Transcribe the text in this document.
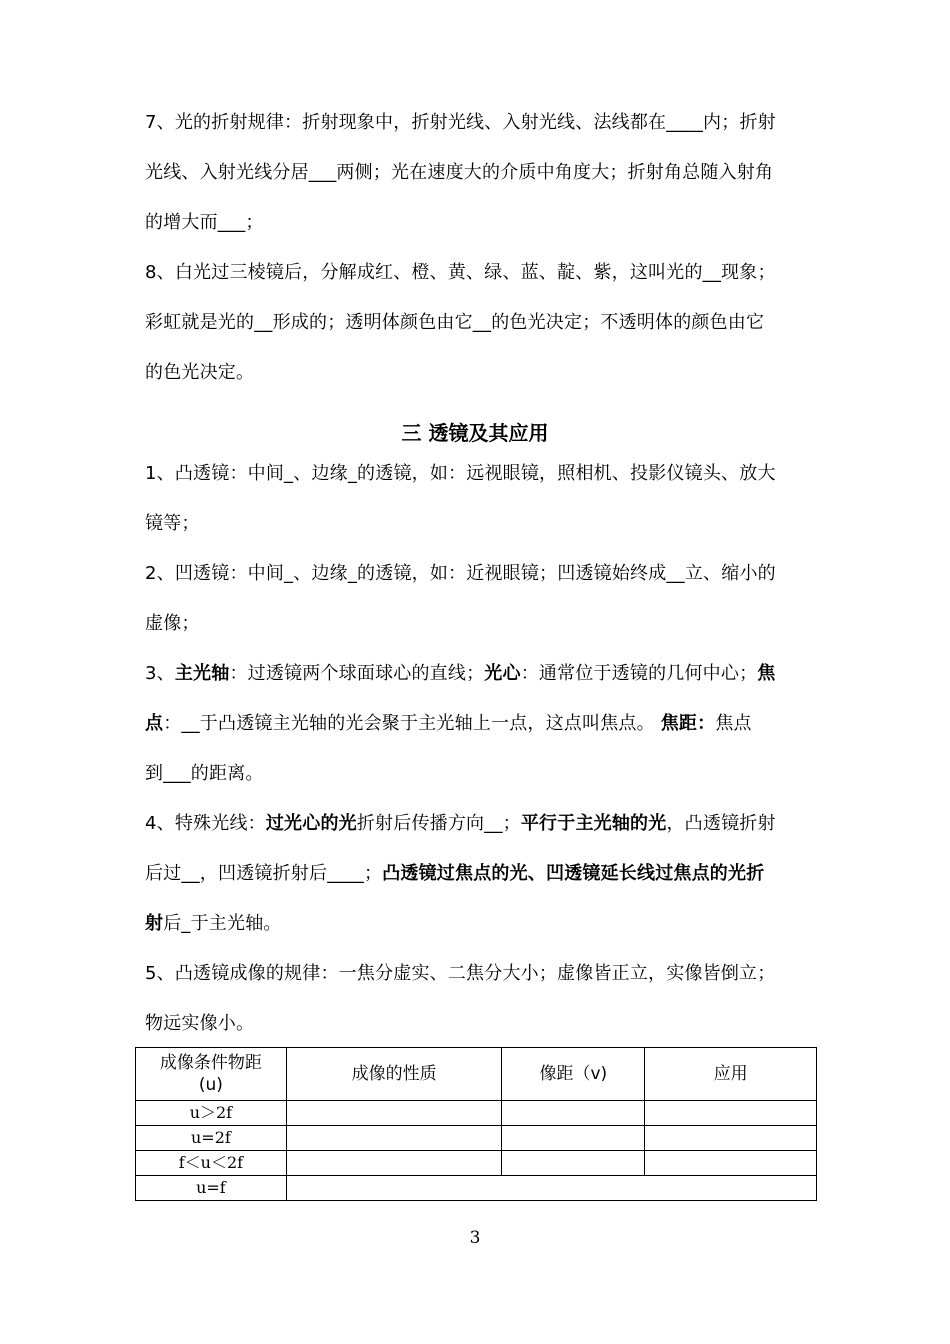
7、光的折射规律：折射现象中，折射光线、入射光线、法线都在____内；折射
光线、入射光线分居___两侧；光在速度大的介质中角度大；折射角总随入射角
的增大而___；
8、白光过三棱镜后，分解成红、橙、黄、绿、蓝、靛、紫，这叫光的__现象；
彩虹就是光的__形成的；透明体颜色由它__的色光决定；不透明体的颜色由它
的色光决定。
三 透镜及其应用
1、凸透镜：中间_、边缘_的透镜，如：远视眼镜，照相机、投影仪镜头、放大
镜等；
2、凹透镜：中间_、边缘_的透镜，如：近视眼镜；凹透镜始终成__立、缩小的
虚像；
3、主光轴：过透镜两个球面球心的直线；光心：通常位于透镜的几何中心；焦
点：__于凸透镜主光轴的光会聚于主光轴上一点，这点叫焦点。 焦距：焦点
到___的距离。
4、特殊光线：过光心的光折射后传播方向__；平行于主光轴的光，凸透镜折射
后过__，凹透镜折射后____；凸透镜过焦点的光、凹透镜延长线过焦点的光折
射后_于主光轴。
5、凸透镜成像的规律：一焦分虚实、二焦分大小；虚像皆正立，实像皆倒立；
物远实像小。
成像条件物距
(u)	成像的性质	像距（v)	应用
u＞2f			
u=2f			
f＜u＜2f			
u=f			
3
